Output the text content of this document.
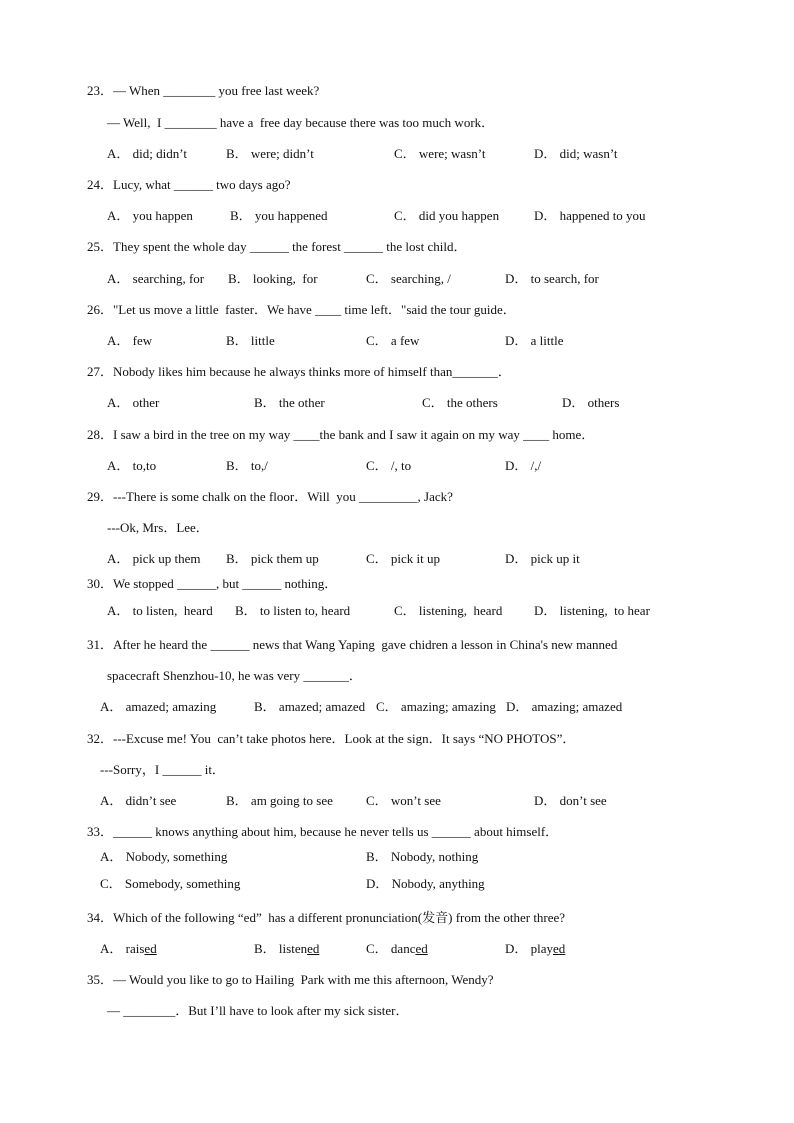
23．— When ________ you free last week?
— Well,  I ________ have a  free day because there was too much work．
A． did; didn’t	B． were; didn’t	C． were; wasn’t	D． did; wasn’t
24．Lucy, what ______ two days ago?
A． you happen	B． you happened	C． did you happen	D． happened to you
25．They spent the whole day ______ the forest ______ the lost child．
A． searching, for B． looking,  for	C． searching, /	D． to search, for
26．"Let us move a little  faster．We have ____ time left．"said the tour guide．
A． few	B． little	C． a few	D． a little
27．Nobody likes him because he always thinks more of himself than_______．
A． other	B． the other	C． the others	D． others
28．I saw a bird in the tree on my way ____the bank and I saw it again on my way ____ home．
A． to,to	B． to,/	C． /, to	D． /,/
29．---There is some chalk on the floor．Will  you _________, Jack?
---Ok, Mrs．Lee．
A． pick up them B． pick them up	C． pick it up	D． pick up it
30．We stopped ______, but ______ nothing．
A． to listen,  heard B． to listen to, heard	C． listening,  heard D． listening,  to hear
31．After he heard the ______ news that Wang Yaping  gave chidren a lesson in China's new manned
spacecraft Shenzhou-10, he was very _______．
A． amazed; amazing	B． amazed; amazed C． amazing; amazing D． amazing; amazed
32．---Excuse me! You  can’t take photos here．Look at the sign．It says “NO PHOTOS”．
---Sorry，I ______ it．
A． didn’t see	B． am going to see	C． won’t see	D． don’t see
33．______ knows anything about him, because he never tells us ______ about himself．
A． Nobody, something	B． Nobody, nothing
C． Somebody, something	D． Nobody, anything
34．Which of the following “ed”  has a different pronunciation(发音) from the other three?
A． raised	B． listened	C． danced	D． played
35．— Would you like to go to Hailing  Park with me this afternoon, Wendy?
— ________．But I’ll have to look after my sick sister．
